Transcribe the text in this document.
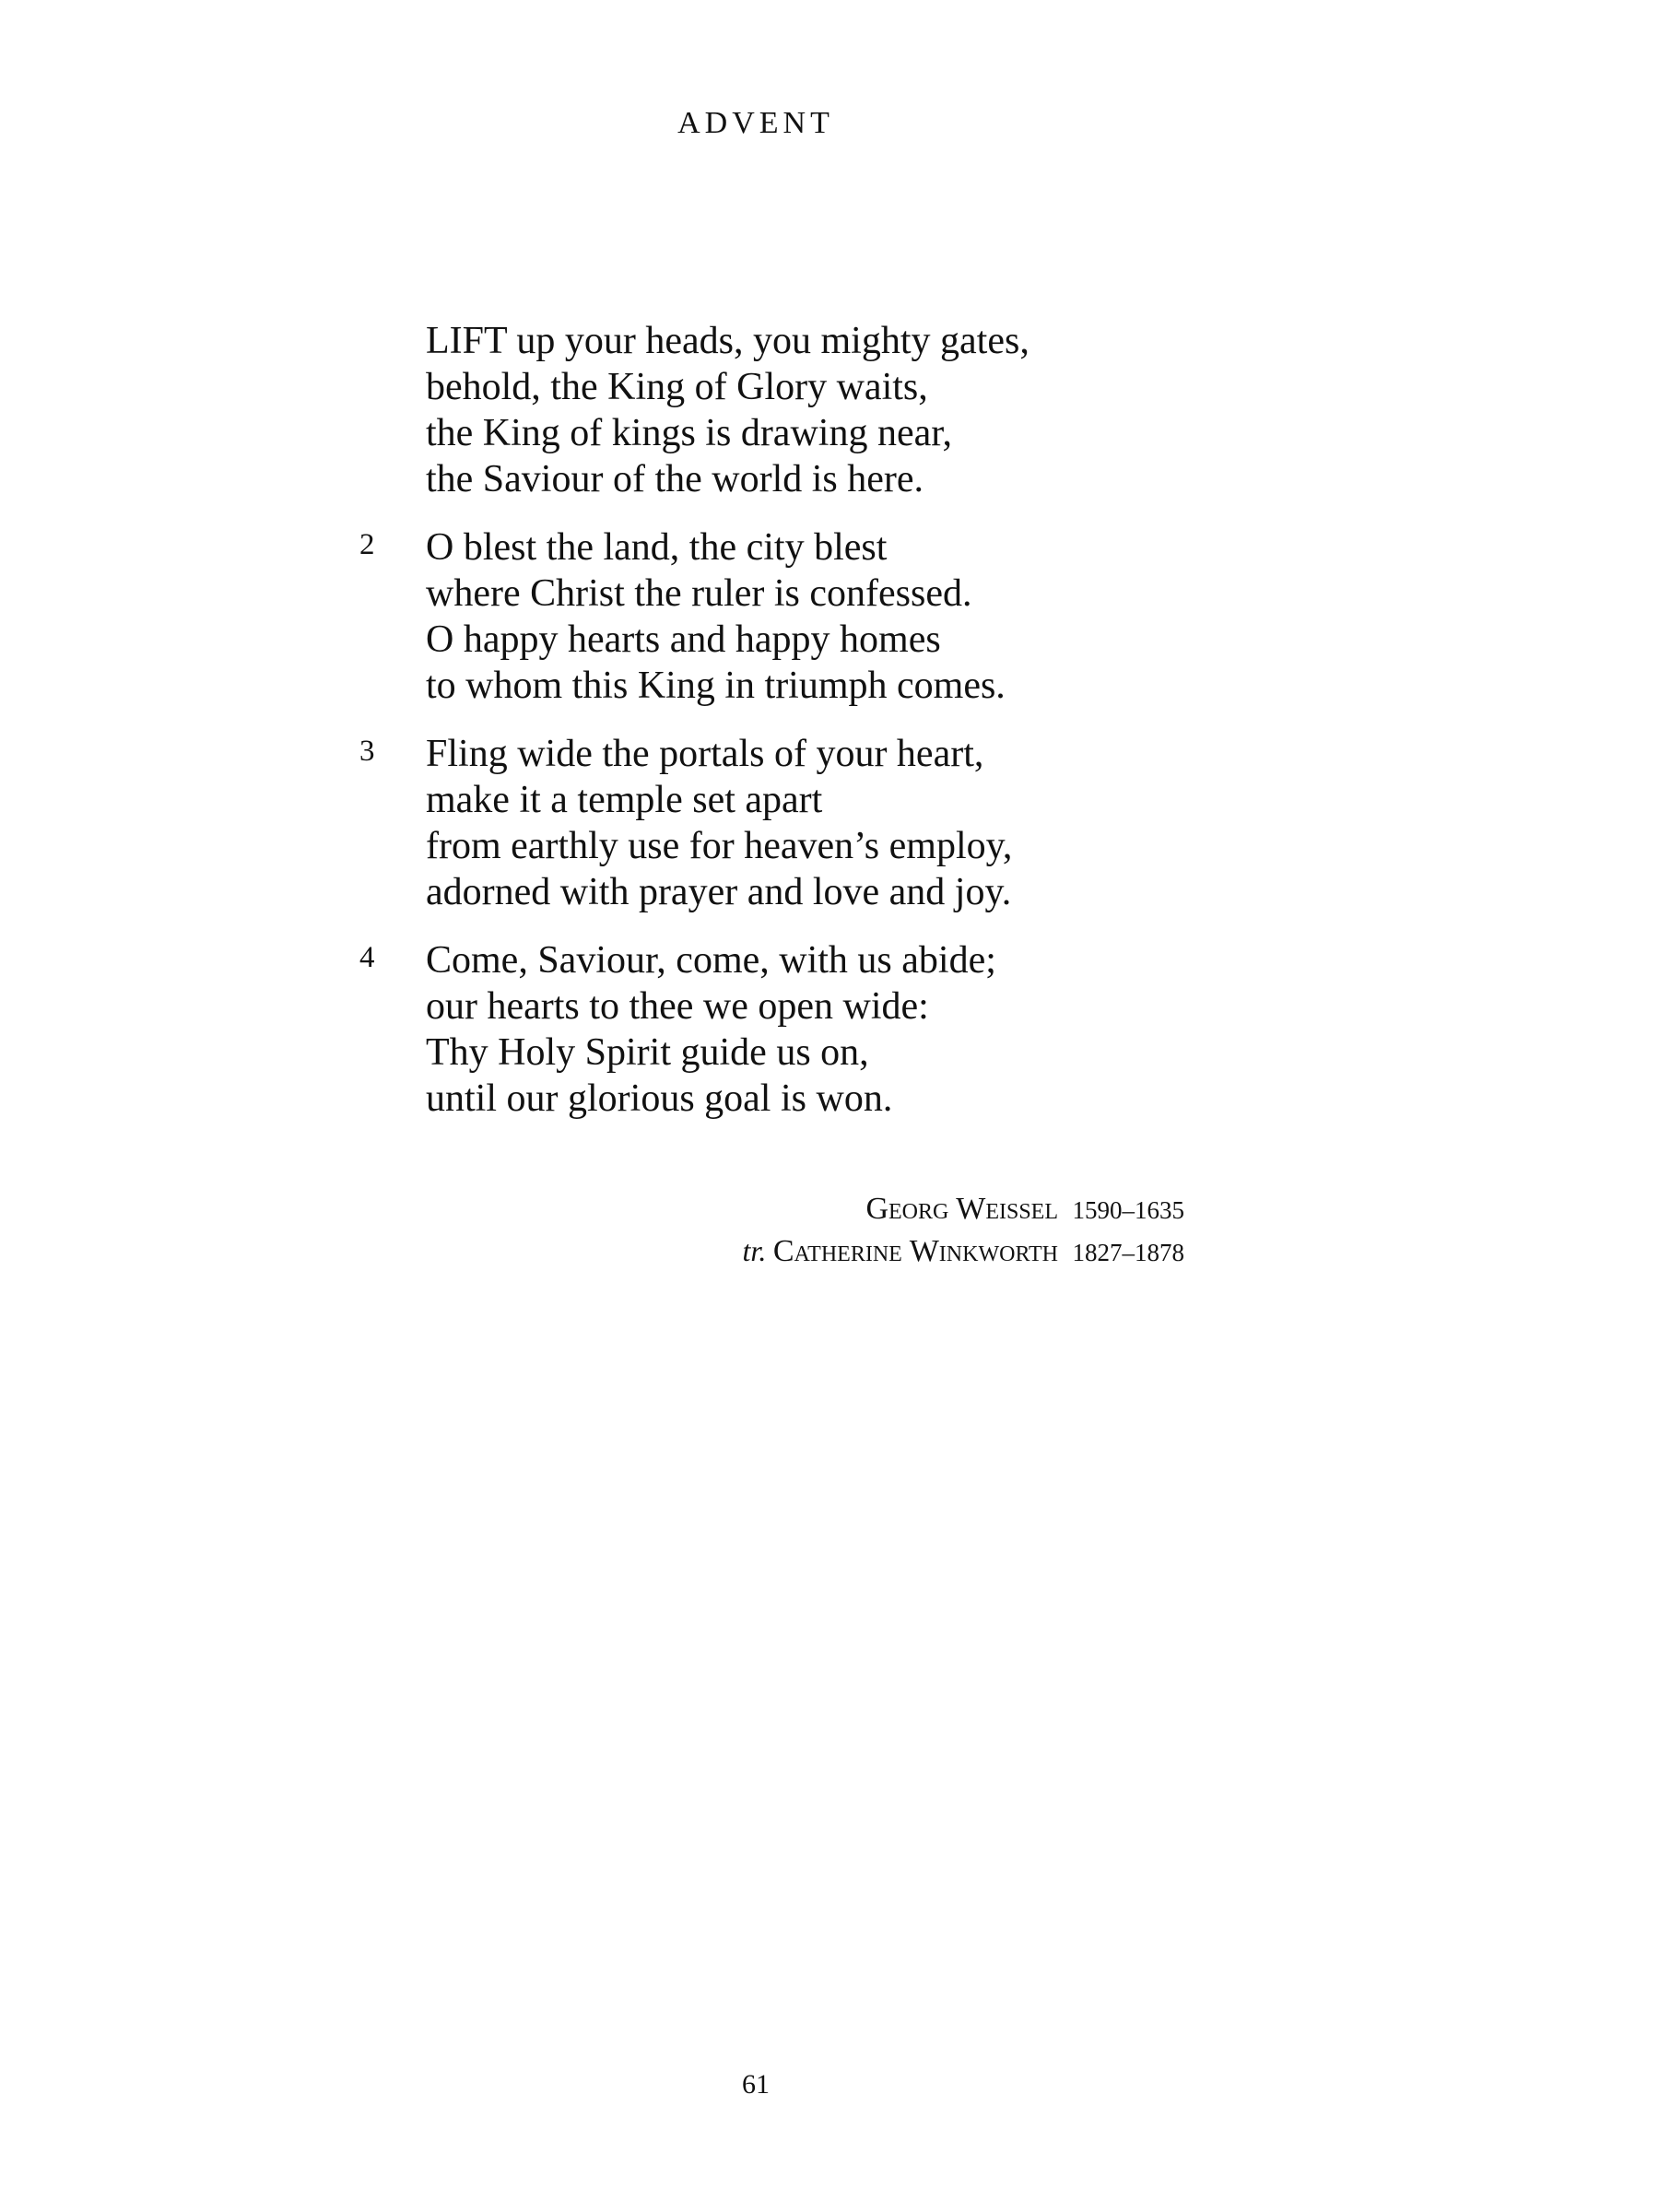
ADVENT
LIFT up your heads, you mighty gates,
behold, the King of Glory waits,
the King of kings is drawing near,
the Saviour of the world is here.
2 O blest the land, the city blest
where Christ the ruler is confessed.
O happy hearts and happy homes
to whom this King in triumph comes.
3 Fling wide the portals of your heart,
make it a temple set apart
from earthly use for heaven’s employ,
adorned with prayer and love and joy.
4 Come, Saviour, come, with us abide;
our hearts to thee we open wide:
Thy Holy Spirit guide us on,
until our glorious goal is won.
Georg Weissel 1590–1635
tr. Catherine Winkworth 1827–1878
61
